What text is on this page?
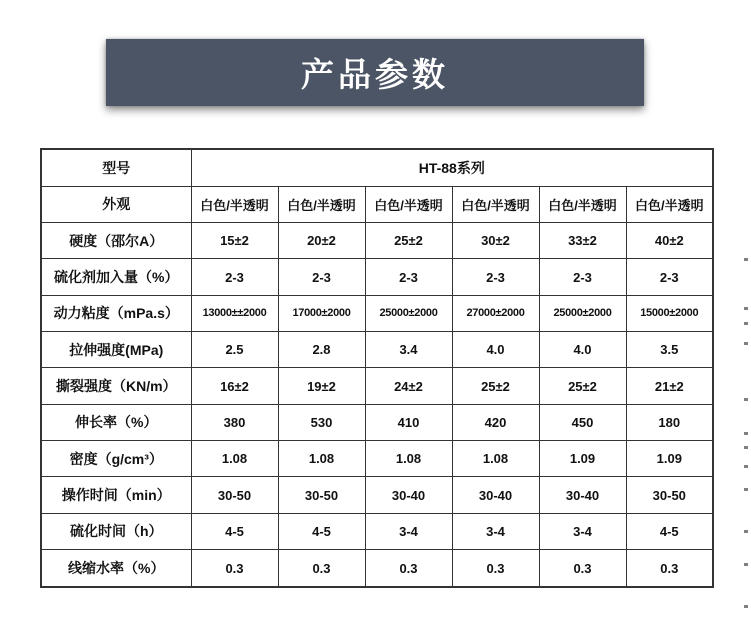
产品参数
型号	HT-88系列					
外观	白色/半透明	白色/半透明	白色/半透明	白色/半透明	白色/半透明	白色/半透明
硬度（邵尔A）	15±2	20±2	25±2	30±2	33±2	40±2
硫化剂加入量（%）	2-3	2-3	2-3	2-3	2-3	2-3
动力粘度（mPa.s）	13000±±2000	17000±2000	25000±2000	27000±2000	25000±2000	15000±2000
拉伸强度(MPa)	2.5	2.8	3.4	4.0	4.0	3.5
撕裂强度（KN/m）	16±2	19±2	24±2	25±2	25±2	21±2
伸长率（%）	380	530	410	420	450	180
密度（g/cm³）	1.08	1.08	1.08	1.08	1.09	1.09
操作时间（min）	30-50	30-50	30-40	30-40	30-40	30-50
硫化时间（h）	4-5	4-5	3-4	3-4	3-4	4-5
线缩水率（%）	0.3	0.3	0.3	0.3	0.3	0.3
